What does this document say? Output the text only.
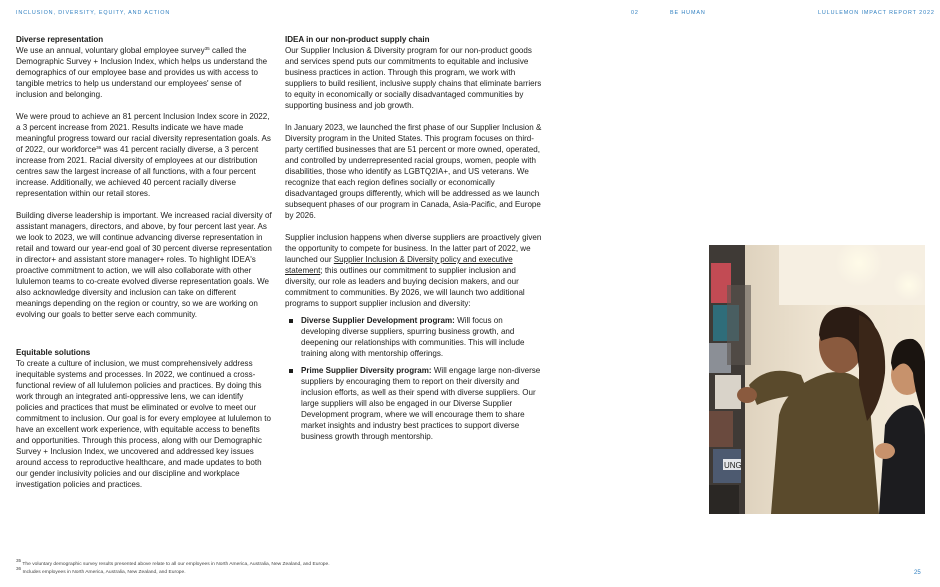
INCLUSION, DIVERSITY, EQUITY, AND ACTION	02	BE HUMAN	LULULEMON IMPACT REPORT 2022

Diverse representation

We use an annual, voluntary global employee survey$^{35}$ called the Demographic Survey + Inclusion Index, which helps us understand the demographics of our employee base and provides us with access to tangible metrics to help us understand our employees' sense of inclusion and belonging.

We were proud to achieve an 81 percent Inclusion Index score in 2022, a 3 percent increase from 2021. Results indicate we have made meaningful progress toward our racial diversity representation goals. As of 2022, our workforce$^{36}$ was 41 percent racially diverse, a 3 percent increase from 2021. Racial diversity of employees at our distribution centres saw the largest increase of all functions, with a four percent increase. Additionally, we achieved 40 percent racially diverse representation within our retail stores.

Building diverse leadership is important. We increased racial diversity of assistant managers, directors, and above, by four percent last year. As we look to 2023, we will continue advancing diverse representation in retail and toward our year-end goal of 30 percent diverse representation in director+ and assistant store manager+ roles. To highlight IDEA's proactive commitment to action, we will also collaborate with other lululemon teams to co-create evolved diverse representation goals. We also acknowledge diversity and inclusion can take on different meanings depending on the region or country, so we are working on evolving our goals to better serve each community.

Equitable solutions

To create a culture of inclusion, we must comprehensively address inequitable systems and processes. In 2022, we continued a cross-functional review of all lululemon policies and practices. By doing this work through an integrated anti-oppressive lens, we can identify policies and practices that must be eliminated or evolve to meet our commitment to inclusion. Our goal is for every employee at lululemon to have an excellent work experience, with equitable access to benefits and opportunities. Through this process, along with our Demographic Survey + Inclusion Index, we uncovered and addressed key issues around access to reproductive healthcare, and made updates to both our gender inclusivity policies and our discipline and workplace investigation policies and practices.

IDEA in our non-product supply chain

Our Supplier Inclusion & Diversity program for our non-product goods and services spend puts our commitments to equitable and inclusive business practices in action. Through this program, we work with suppliers to build resilient, inclusive supply chains that eliminate barriers to equity in economically or socially disadvantaged communities by supporting business and job growth.

In January 2023, we launched the first phase of our Supplier Inclusion & Diversity program in the United States. This program focuses on third-party certified businesses that are 51 percent or more owned, operated, and controlled by underrepresented racial groups, women, people with disabilities, those who identify as LGBTQ2IA+, and US veterans. We recognize that each region defines socially or economically disadvantaged groups differently, which will be addressed as we launch subsequent phases of our program in Canada, Asia-Pacific, and Europe by 2026.

Supplier inclusion happens when diverse suppliers are proactively given the opportunity to compete for business. In the latter part of 2022, we launched our Supplier Inclusion & Diversity policy and executive statement; this outlines our commitment to supplier inclusion and diversity, our role as leaders and buying decision makers, and our commitment to communities. By 2026, we will launch two additional programs to support supplier inclusion and diversity:

Diverse Supplier Development program: Will focus on developing diverse suppliers, spurring business growth, and deepening our relationships with communities. This will include training along with mentorship offerings.
Prime Supplier Diversity program: Will engage large non-diverse suppliers by encouraging them to report on their diversity and inclusion efforts, as well as their spend with diverse suppliers. Our large suppliers will also be engaged in our Diverse Supplier Development program, where we will encourage them to share market insights and industry best practices to support diverse business growth through mentorship.
UNG
$^{35}$ The voluntary demographic survey results presented above relate to all our employees in North America, Australia, New Zealand, and Europe.
$^{36}$ Includes employees in North America, Australia, New Zealand, and Europe.	25
